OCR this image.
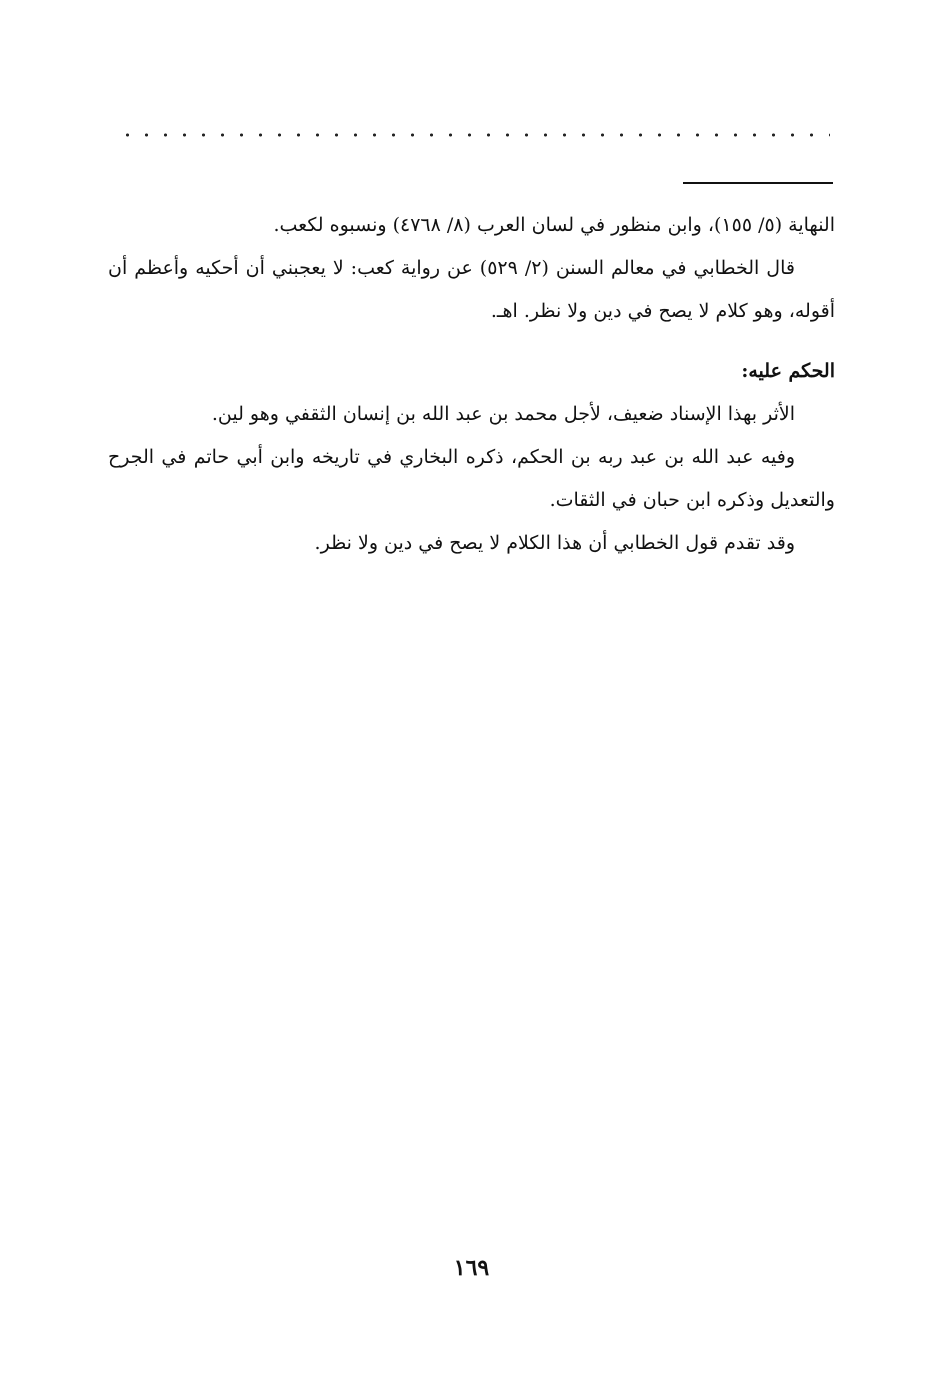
النهاية (٥/ ١٥٥)، وابن منظور في لسان العرب (٨/ ٤٧٦٨) ونسبوه لكعب.

قال الخطابي في معالم السنن (٢/ ٥٢٩) عن رواية كعب: لا يعجبني أن أحكيه وأعظم أن أقوله، وهو كلام لا يصح في دين ولا نظر. اهـ.

الحكم عليه:

الأثر بهذا الإسناد ضعيف، لأجل محمد بن عبد الله بن إنسان الثقفي وهو لين.

وفيه عبد الله بن عبد ربه بن الحكم، ذكره البخاري في تاريخه وابن أبي حاتم في الجرح والتعديل وذكره ابن حبان في الثقات.

وقد تقدم قول الخطابي أن هذا الكلام لا يصح في دين ولا نظر.

١٦٩
